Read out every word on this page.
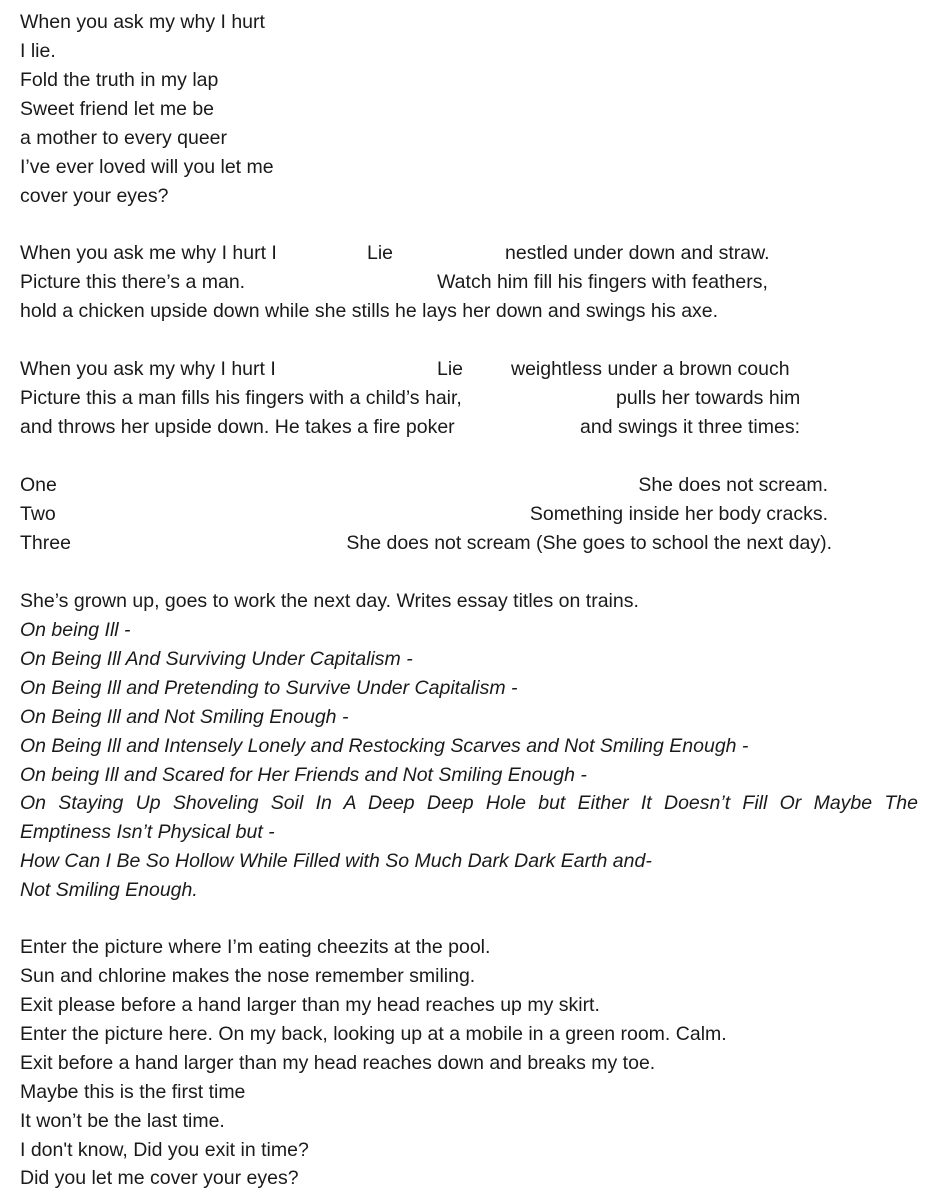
When you ask my why I hurt
I lie.
Fold the truth in my lap
Sweet friend let me be
a mother to every queer
I’ve ever loved will you let me
cover your eyes?
When you ask me why I hurt I	Lie	nestled under down and straw.
Picture this there’s a man.	Watch him fill his fingers with feathers,
hold a chicken upside down while she stills he lays her down and swings his axe.
When you ask my why I hurt I	Lie weightless under a brown couch
Picture this a man fills his fingers with a child’s hair,	pulls her towards him
and throws her upside down. He takes a fire poker	and swings it three times:
One	She does not scream.
Two	Something inside her body cracks.
Three	She does not scream (She goes to school the next day).
She’s grown up, goes to work the next day. Writes essay titles on trains.
On being Ill -
On Being Ill And Surviving Under Capitalism -
On Being Ill and Pretending to Survive Under Capitalism -
On Being Ill and Not Smiling Enough -
On Being Ill and Intensely Lonely and Restocking Scarves and Not Smiling Enough -
On being Ill and Scared for Her Friends and Not Smiling Enough -
On Staying Up Shoveling Soil In A Deep Deep Hole but Either It Doesn’t Fill Or Maybe The
Emptiness Isn’t Physical but -
How Can I Be So Hollow While Filled with So Much Dark Dark Earth and-
Not Smiling Enough.
Enter the picture where I’m eating cheezits at the pool.
Sun and chlorine makes the nose remember smiling.
Exit please before a hand larger than my head reaches up my skirt.
Enter the picture here. On my back, looking up at a mobile in a green room. Calm.
Exit before a hand larger than my head reaches down and breaks my toe.
Maybe this is the first time
It won’t be the last time.
I don't know, Did you exit in time?
Did you let me cover your eyes?
